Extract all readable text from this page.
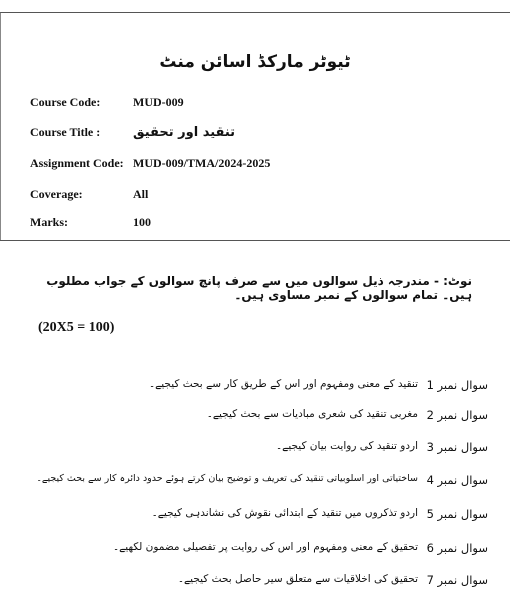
ٹیوٹر مارکڈ اسائن منٹ
Course Code:	MUD-009
Course Title :	تنقید اور تحقیق
Assignment Code: MUD-009/TMA/2024-2025
Coverage:	All
Marks:	100
نوٹ: - مندرجہ ذیل سوالوں میں سے صرف پانچ سوالوں کے جواب مطلوب ہیں۔ تمام سوالوں کے نمبر مساوی ہیں۔
(20X5 = 100)
سوال نمبر 1
تنقید کے معنی ومفہوم اور اس کے طریق کار سے بحث کیجیے۔
سوال نمبر 2
مغربی تنقید کی شعری مبادیات سے بحث کیجیے۔
سوال نمبر 3
اردو تنقید کی روایت بیان کیجیے۔
سوال نمبر 4
ساختیاتی اور اسلوبیاتی تنقید کی تعریف و توضیح بیان کرتے ہوئے حدود دائرہ کار سے بحث کیجیے۔
سوال نمبر 5
اردو تذکروں میں تنقید کے ابتدائی نقوش کی نشاندہی کیجیے۔
سوال نمبر 6
تحقیق کے معنی ومفہوم اور اس کی روایت پر تفصیلی مضمون لکھیے۔
سوال نمبر 7
تحقیق کی اخلاقیات سے متعلق سیر حاصل بحث کیجیے۔
